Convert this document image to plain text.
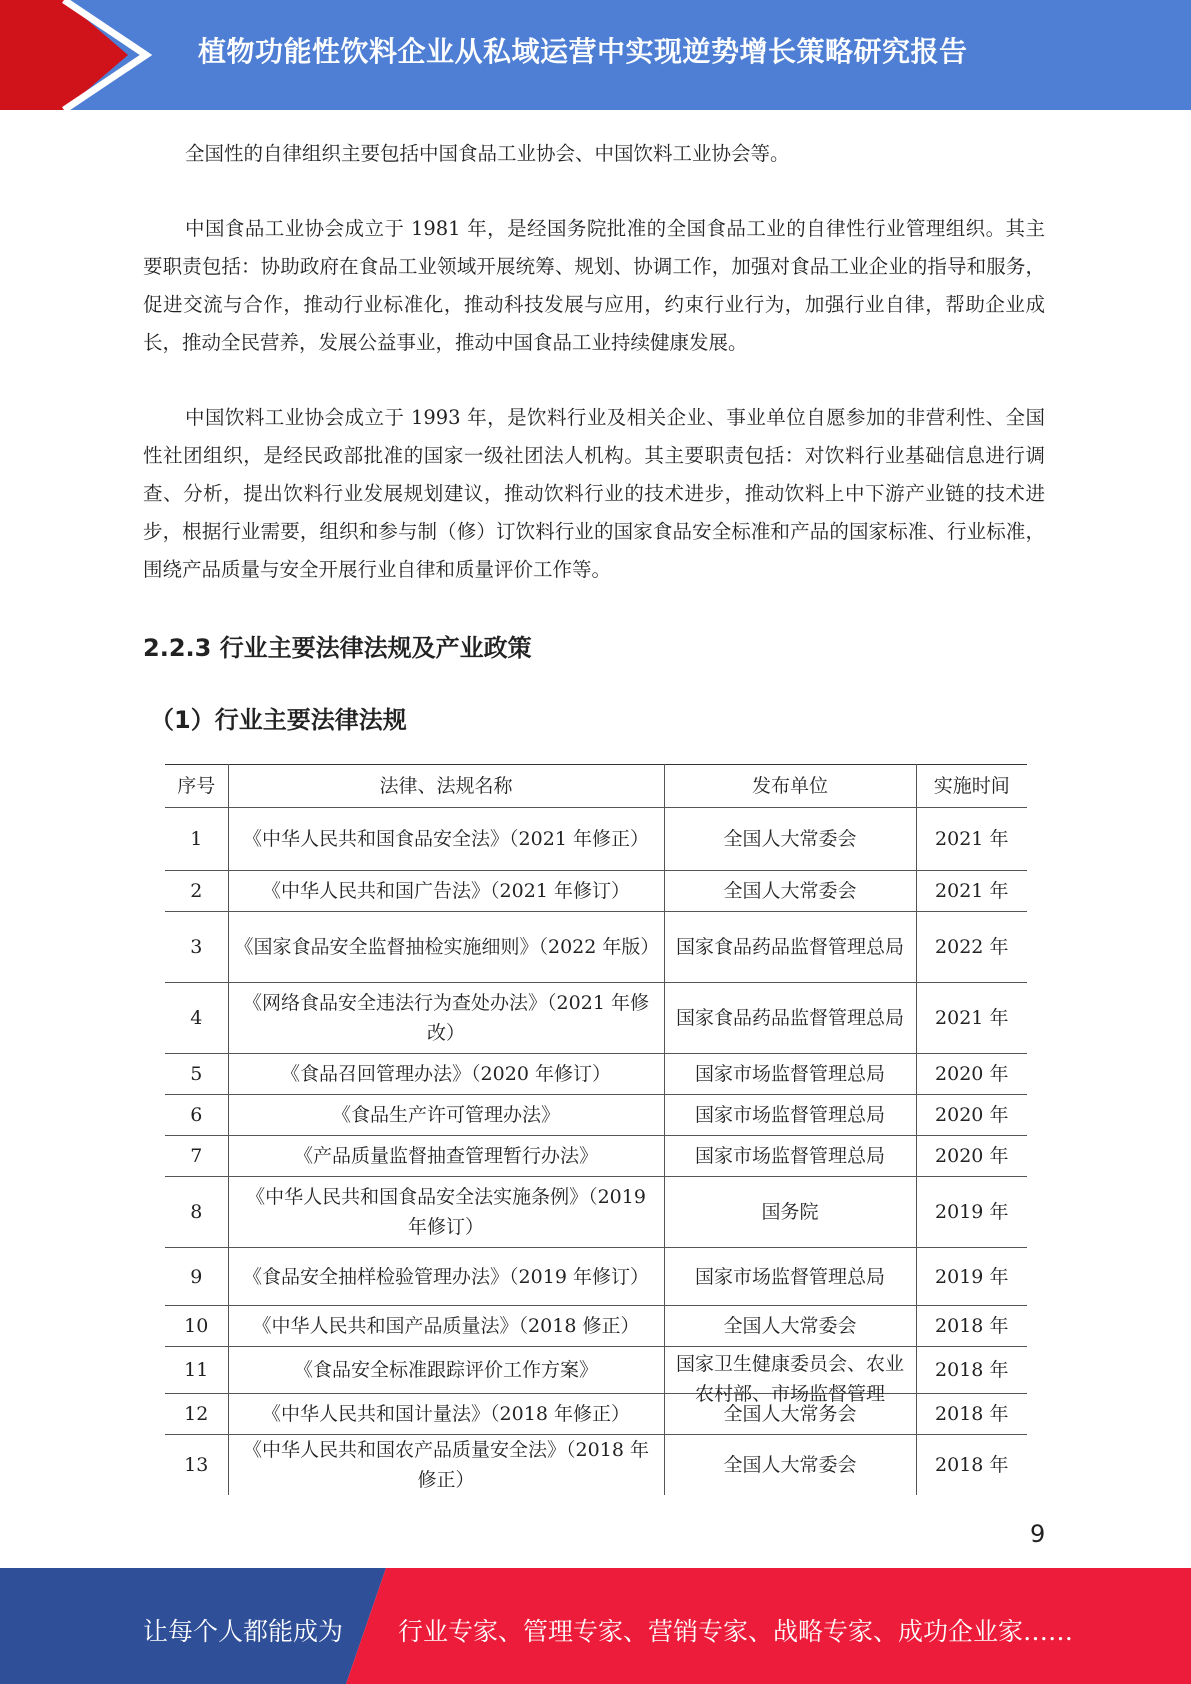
植物功能性饮料企业从私域运营中实现逆势增长策略研究报告

全国性的自律组织主要包括中国食品工业协会、中国饮料工业协会等。

中国食品工业协会成立于 1981 年，是经国务院批准的全国食品工业的自律性行业管理组织。其主要职责包括：协助政府在食品工业领域开展统筹、规划、协调工作，加强对食品工业企业的指导和服务，促进交流与合作，推动行业标准化，推动科技发展与应用，约束行业行为，加强行业自律，帮助企业成长，推动全民营养，发展公益事业，推动中国食品工业持续健康发展。

中国饮料工业协会成立于 1993 年，是饮料行业及相关企业、事业单位自愿参加的非营利性、全国性社团组织，是经民政部批准的国家一级社团法人机构。其主要职责包括：对饮料行业基础信息进行调查、分析，提出饮料行业发展规划建议，推动饮料行业的技术进步，推动饮料上中下游产业链的技术进步，根据行业需要，组织和参与制（修）订饮料行业的国家食品安全标准和产品的国家标准、行业标准，围绕产品质量与安全开展行业自律和质量评价工作等。

2.2.3 行业主要法律法规及产业政策
（1）行业主要法律法规
序号	法律、法规名称	发布单位	实施时间
1	《中华人民共和国食品安全法》（2021 年修正）	全国人大常委会	2021 年
2	《中华人民共和国广告法》（2021 年修订）	全国人大常委会	2021 年
3	《国家食品安全监督抽检实施细则》（2022 年版）	国家食品药品监督管理总局	2022 年
4	《网络食品安全违法行为查处办法》（2021 年修改）	国家食品药品监督管理总局	2021 年
5	《食品召回管理办法》（2020 年修订）	国家市场监督管理总局	2020 年
6	《食品生产许可管理办法》	国家市场监督管理总局	2020 年
7	《产品质量监督抽查管理暂行办法》	国家市场监督管理总局	2020 年
8	《中华人民共和国食品安全法实施条例》（2019 年修订）	国务院	2019 年
9	《食品安全抽样检验管理办法》（2019 年修订）	国家市场监督管理总局	2019 年
10	《中华人民共和国产品质量法》（2018 修正）	全国人大常委会	2018 年
11	《食品安全标准跟踪评价工作方案》	国家卫生健康委员会、农业农村部、市场监督管理	2018 年
12	《中华人民共和国计量法》（2018 年修正）	全国人大常务会	2018 年
13	《中华人民共和国农产品质量安全法》（2018 年修正）	全国人大常委会	2018 年
9
让每个人都能成为 行业专家、管理专家、营销专家、战略专家、成功企业家……
